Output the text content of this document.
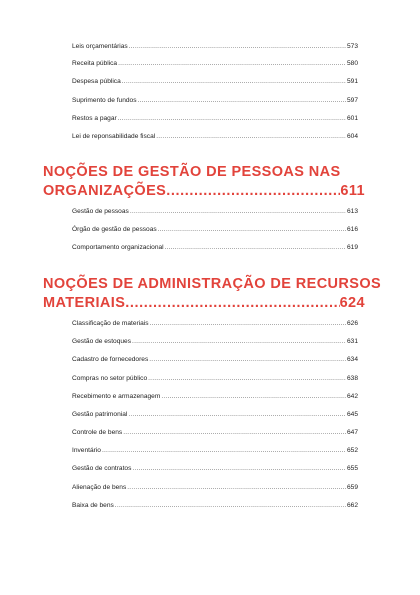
Leis orçamentárias .....	573
Receita pública .....	580
Despesa pública .....	591
Suprimento de fundos .....	597
Restos a pagar .....	601
Lei de reponsabilidade fiscal .....	604
NOÇÕES DE GESTÃO DE PESSOAS NAS
ORGANIZAÇÕES .....	611
Gestão de pessoas .....	613
Órgão de gestão de pessoas .....	616
Comportamento organizacional .....	619
NOÇÕES DE ADMINISTRAÇÃO DE RECURSOS
MATERIAIS .....	624
Classificação de materiais .....	626
Gestão de estoques .....	631
Cadastro de fornecedores .....	634
Compras no setor público .....	638
Recebimento e armazenagem .....	642
Gestão patrimonial .....	645
Controle de bens .....	647
Inventário .....	652
Gestão de contratos .....	655
Alienação de bens .....	659
Baixa de bens .....	662
